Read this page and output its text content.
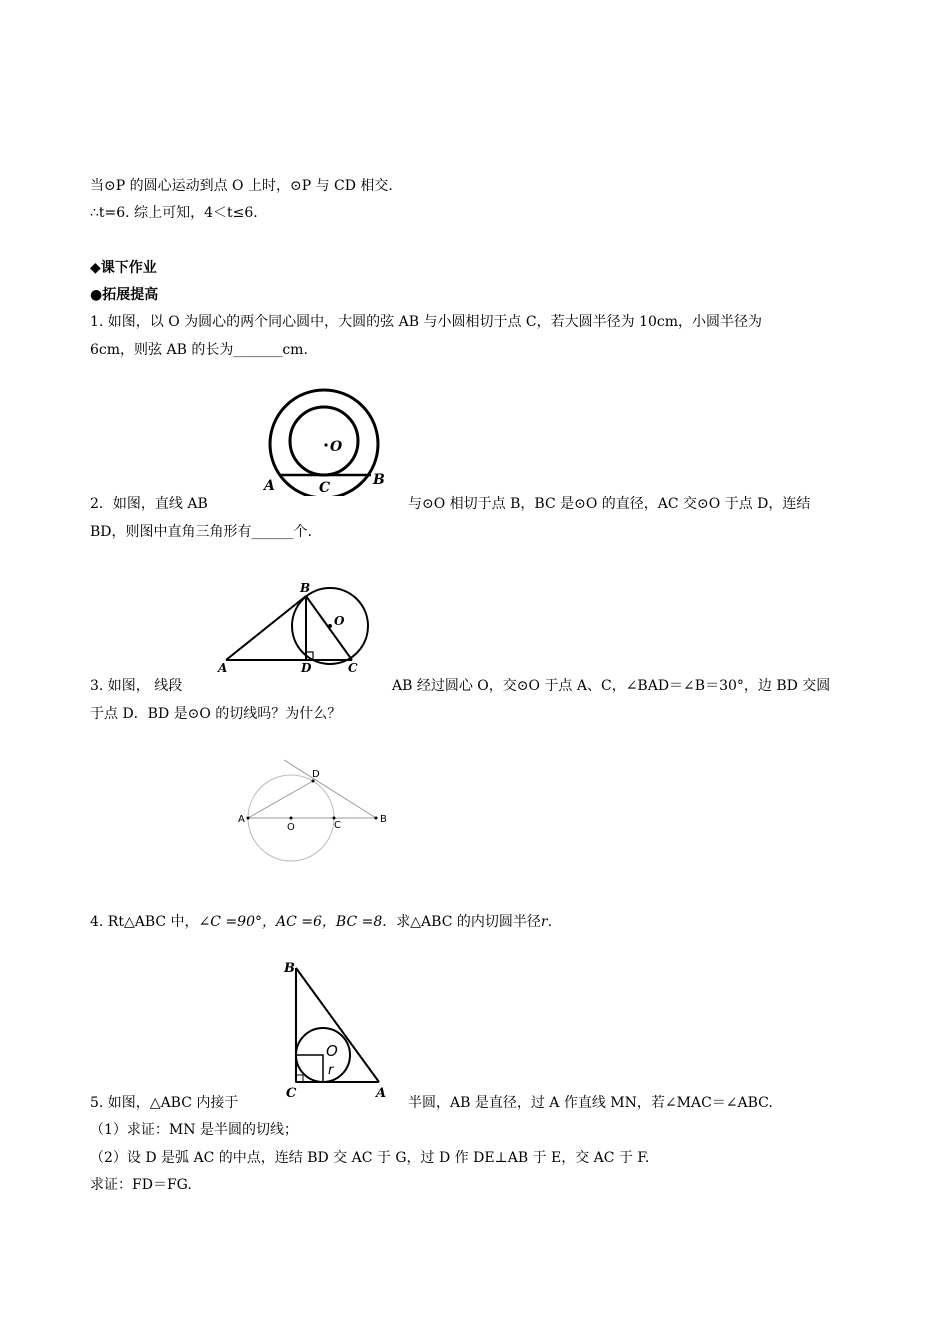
当⊙P 的圆心运动到点 O 上时，⊙P 与 CD 相交.
∴t=6. 综上可知，4＜t≤6.
◆课下作业
●拓展提高
1. 如图，以 O 为圆心的两个同心圆中，大圆的弦 AB 与小圆相切于点 C，若大圆半径为 10cm，小圆半径为
6cm，则弦 AB 的长为_______cm.
O
A	C	B
2．如图，直线 AB	与⊙O 相切于点 B，BC 是⊙O 的直径，AC 交⊙O 于点 D，连结
BD，则图中直角三角形有______个.
B
O
A	D	C
3. 如图， 线段	AB 经过圆心 O，交⊙O 于点 A、C，∠BAD＝∠B＝30°，边 BD 交圆
于点 D．BD 是⊙O 的切线吗？为什么？
D
A
O	C
B
4. Rt△ABC 中，∠C =90°，AC =6，BC =8．求△ABC 的内切圆半径r.
B
O
r
C	A
5. 如图，△ABC 内接于	半圆，AB 是直径，过 A 作直线 MN，若∠MAC＝∠ABC.
（1）求证：MN 是半圆的切线；
（2）设 D 是弧 AC 的中点，连结 BD 交 AC 于 G，过 D 作 DE⊥AB 于 E，交 AC 于 F.
求证：FD＝FG.
